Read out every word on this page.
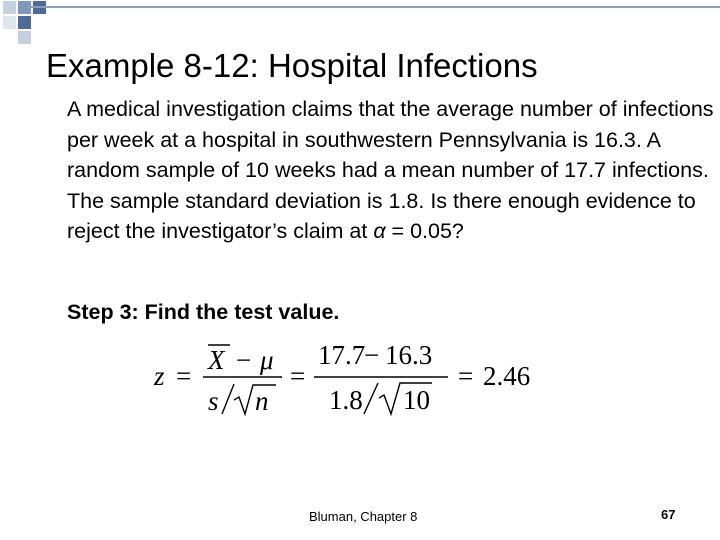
Example 8-12: Hospital Infections

A medical investigation claims that the average number of infections per week at a hospital in southwestern Pennsylvania is 16.3. A random sample of 10 weeks had a mean number of 17.7 infections. The sample standard deviation is 1.8. Is there enough evidence to reject the investigator’s claim at α = 0.05?

Step 3: Find the test value.

z =
X − μ
s n
=
17.7
− 16.3
1.8 10
= 2.46
Bluman, Chapter 8	67
